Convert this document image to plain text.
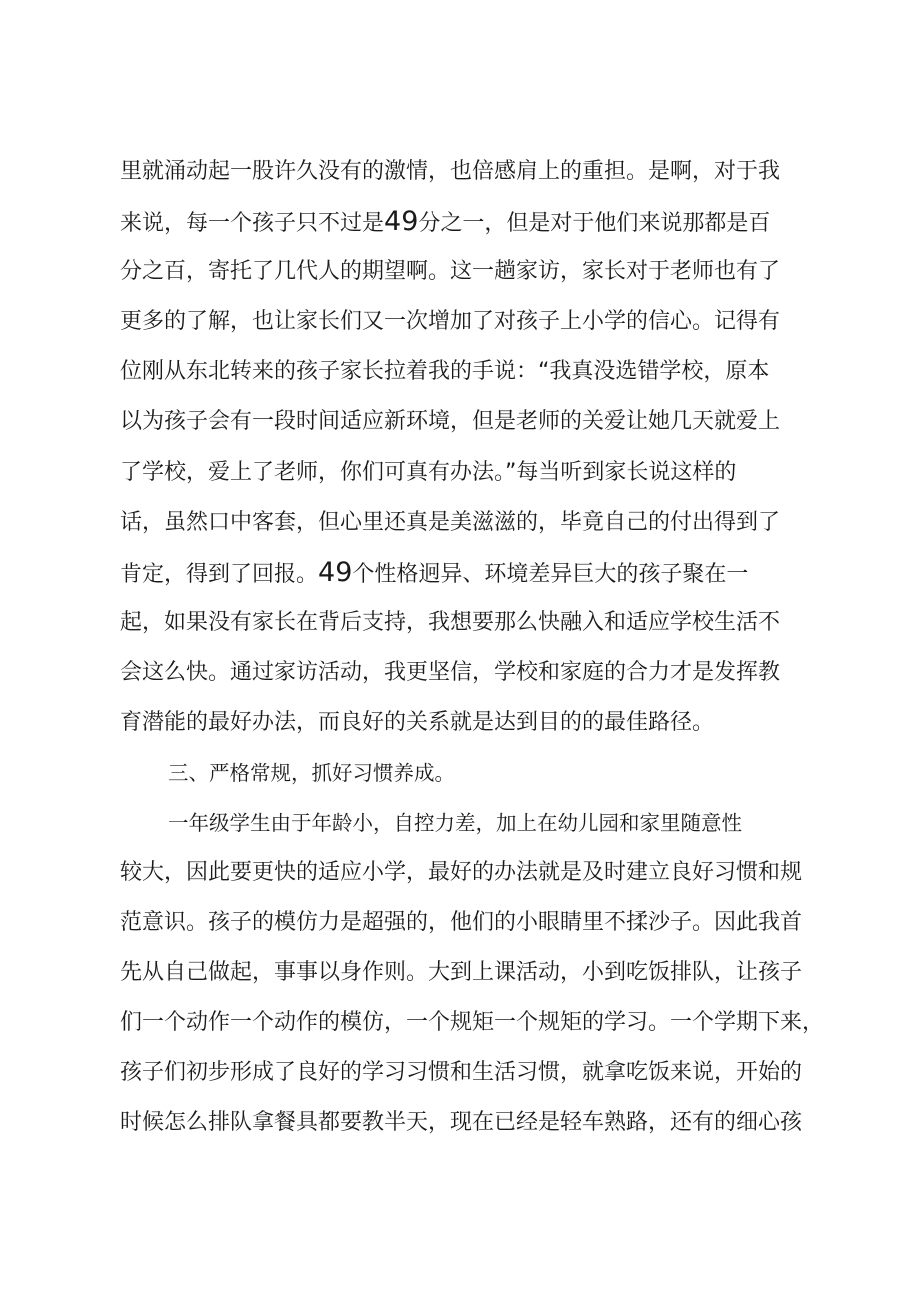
里就涌动起一股许久没有的激情，也倍感肩上的重担。是啊，对于我
来说，每一个孩子只不过是49分之一，但是对于他们来说那都是百
分之百，寄托了几代人的期望啊。这一趟家访，家长对于老师也有了
更多的了解，也让家长们又一次增加了对孩子上小学的信心。记得有
位刚从东北转来的孩子家长拉着我的手说：“我真没选错学校，原本
以为孩子会有一段时间适应新环境，但是老师的关爱让她几天就爱上
了学校，爱上了老师，你们可真有办法。”每当听到家长说这样的
话，虽然口中客套，但心里还真是美滋滋的，毕竟自己的付出得到了
肯定，得到了回报。49个性格迥异、环境差异巨大的孩子聚在一
起，如果没有家长在背后支持，我想要那么快融入和适应学校生活不
会这么快。通过家访活动，我更坚信，学校和家庭的合力才是发挥教
育潜能的最好办法，而良好的关系就是达到目的的最佳路径。
三、严格常规，抓好习惯养成。
一年级学生由于年龄小，自控力差，加上在幼儿园和家里随意性
较大，因此要更快的适应小学，最好的办法就是及时建立良好习惯和规
范意识。孩子的模仿力是超强的，他们的小眼睛里不揉沙子。因此我首
先从自己做起，事事以身作则。大到上课活动，小到吃饭排队，让孩子
们一个动作一个动作的模仿，一个规矩一个规矩的学习。一个学期下来，
孩子们初步形成了良好的学习习惯和生活习惯，就拿吃饭来说，开始的
时候怎么排队拿餐具都要教半天，现在已经是轻车熟路，还有的细心孩
